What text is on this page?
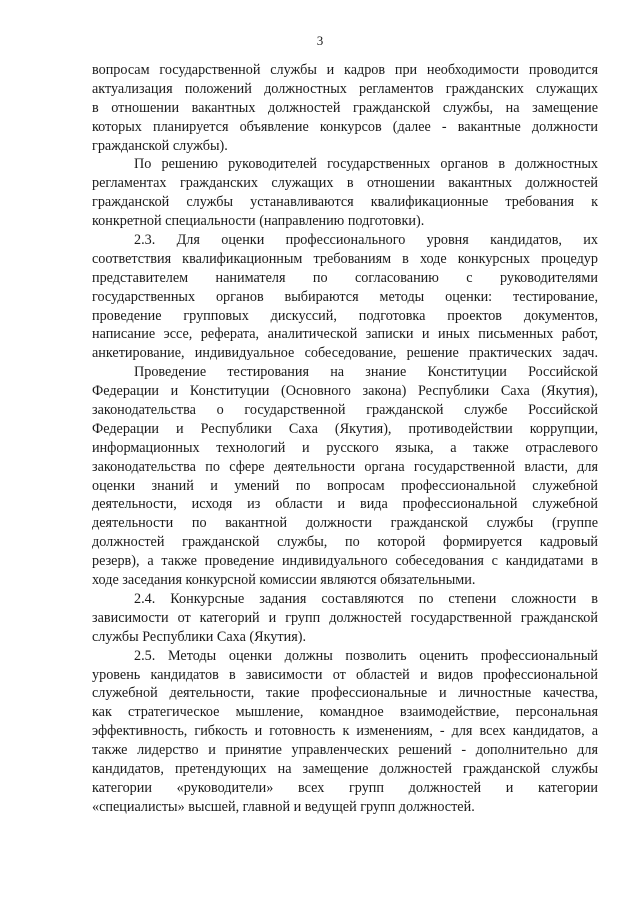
3
вопросам государственной службы и кадров при необходимости проводится
актуализация положений должностных регламентов гражданских служащих
в отношении вакантных должностей гражданской службы, на замещение
которых планируется объявление конкурсов (далее - вакантные должности
гражданской службы).
По решению руководителей государственных органов в должностных
регламентах гражданских служащих в отношении вакантных должностей
гражданской службы устанавливаются квалификационные требования к
конкретной специальности (направлению подготовки).
2.3. Для оценки профессионального уровня кандидатов, их
соответствия квалификационным требованиям в ходе конкурсных процедур
представителем нанимателя по согласованию с руководителями
государственных органов выбираются методы оценки: тестирование,
проведение групповых дискуссий, подготовка проектов документов,
написание эссе, реферата, аналитической записки и иных письменных работ,
анкетирование, индивидуальное собеседование, решение практических задач.
Проведение тестирования на знание Конституции Российской
Федерации и Конституции (Основного закона) Республики Саха (Якутия),
законодательства о государственной гражданской службе Российской
Федерации и Республики Саха (Якутия), противодействии коррупции,
информационных технологий и русского языка, а также отраслевого
законодательства по сфере деятельности органа государственной власти, для
оценки знаний и умений по вопросам профессиональной служебной
деятельности, исходя из области и вида профессиональной служебной
деятельности по вакантной должности гражданской службы (группе
должностей гражданской службы, по которой формируется кадровый
резерв), а также проведение индивидуального собеседования с кандидатами в
ходе заседания конкурсной комиссии являются обязательными.
2.4. Конкурсные задания составляются по степени сложности в
зависимости от категорий и групп должностей государственной гражданской
службы Республики Саха (Якутия).
2.5. Методы оценки должны позволить оценить профессиональный
уровень кандидатов в зависимости от областей и видов профессиональной
служебной деятельности, такие профессиональные и личностные качества,
как стратегическое мышление, командное взаимодействие, персональная
эффективность, гибкость и готовность к изменениям, - для всех кандидатов, а
также лидерство и принятие управленческих решений - дополнительно для
кандидатов, претендующих на замещение должностей гражданской службы
категории «руководители» всех групп должностей и категории
«специалисты» высшей, главной и ведущей групп должностей.
